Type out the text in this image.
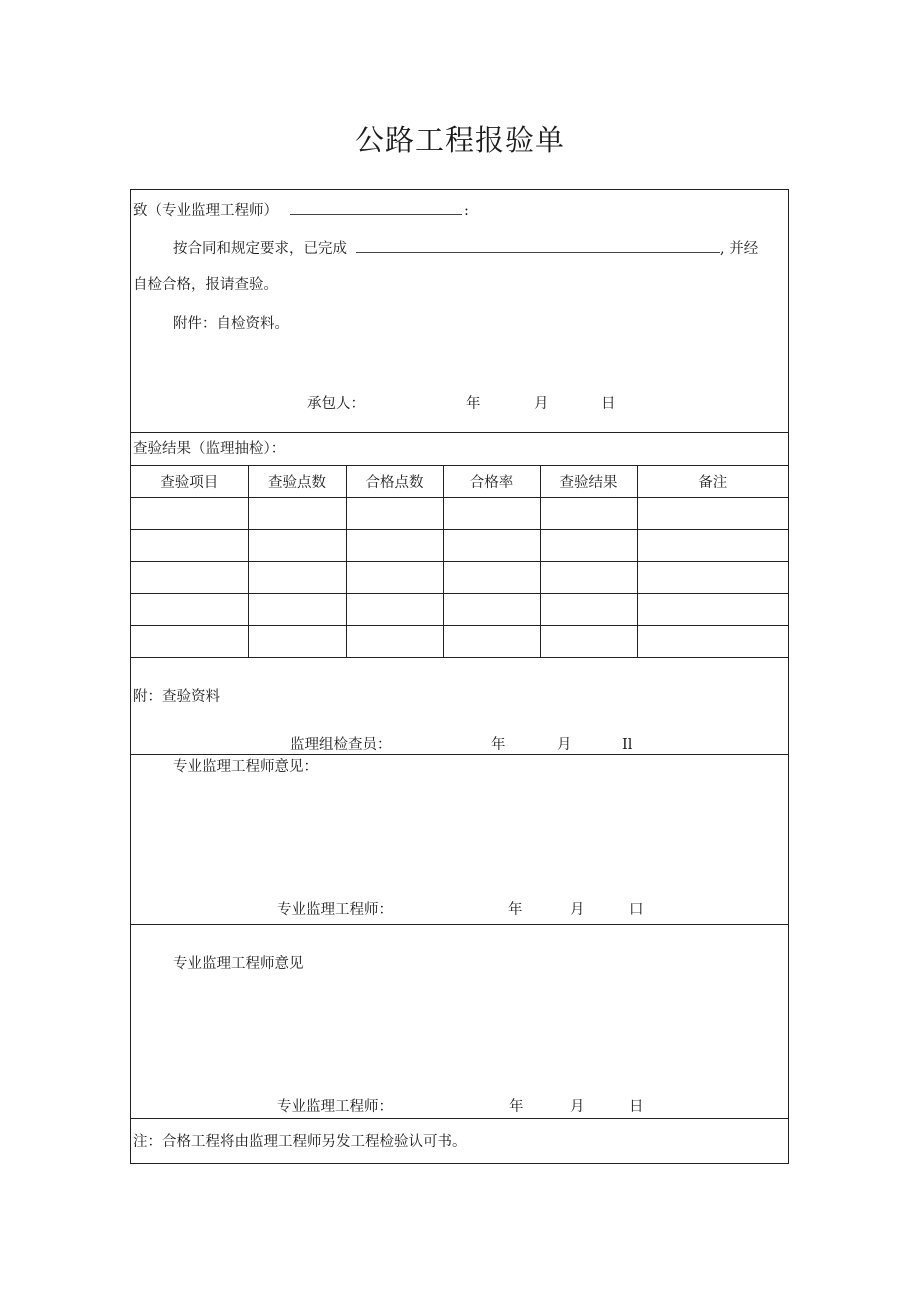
公路工程报验单
致（专业监理工程师）	:
按合同和规定要求，已完成	, 并经
自检合格，报请查验。
附件：自检资料。
承包人：	年	月	日
查验结果（监理抽检）：
查验项目	查验点数	合格点数	合格率	查验结果	备注

附：查验资料
监理组检查员：	年	月	Il
专业监理工程师意见：
专业监理工程师：	年	月	口
专业监理工程师意见
专业监理工程师：	年	月	日
注：合格工程将由监理工程师另发工程检验认可书。
